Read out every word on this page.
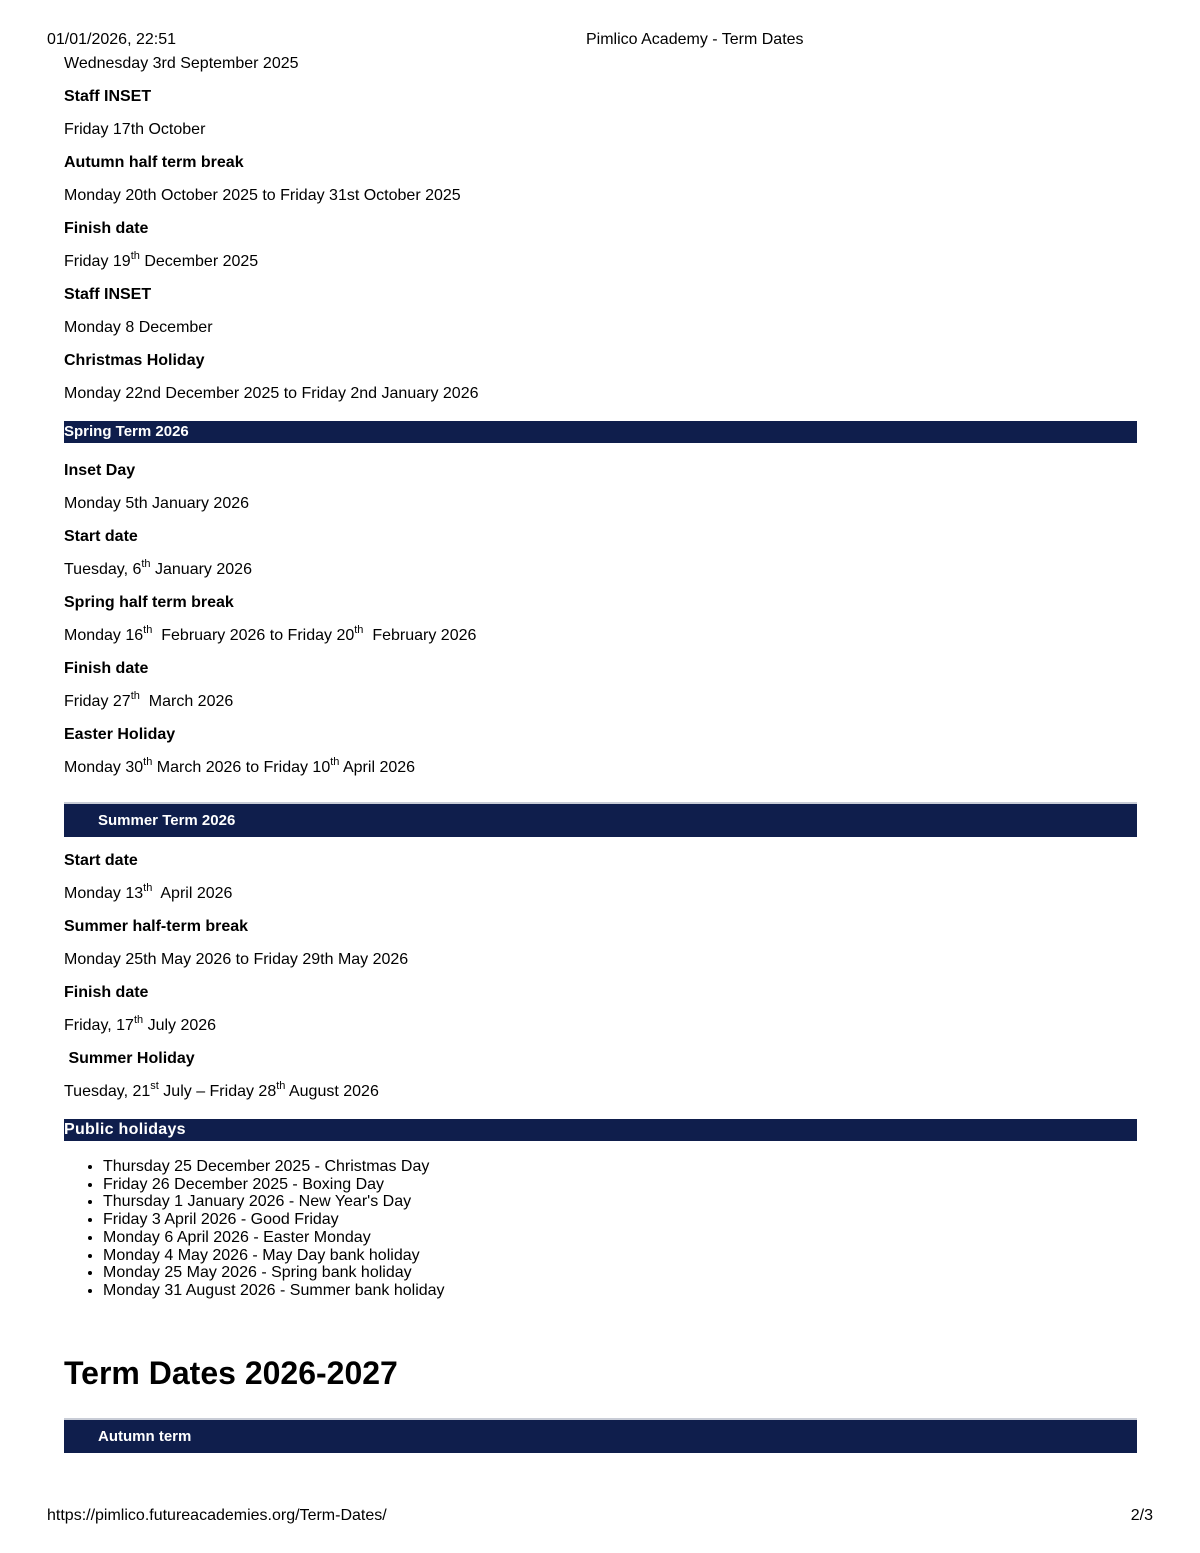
01/01/2026, 22:51	Pimlico Academy - Term Dates
Wednesday 3rd September 2025
Staff INSET
Friday 17th October
Autumn half term break
Monday 20th October 2025 to Friday 31st October 2025
Finish date
Friday 19th December 2025
Staff INSET
Monday 8 December
Christmas Holiday
Monday 22nd December 2025 to Friday 2nd January 2026
Spring Term 2026
Inset Day
Monday 5th January 2026
Start date
Tuesday, 6th January 2026
Spring half term break
Monday 16th  February 2026 to Friday 20th  February 2026
Finish date
Friday 27th  March 2026
Easter Holiday
Monday 30th March 2026 to Friday 10th April 2026
Summer Term 2026
Start date
Monday 13th  April 2026
Summer half-term break
Monday 25th May 2026 to Friday 29th May 2026
Finish date
Friday, 17th July 2026
Summer Holiday
Tuesday, 21st July – Friday 28th August 2026
Public holidays
• Thursday 25 December 2025 - Christmas Day
• Friday 26 December 2025 - Boxing Day
• Thursday 1 January 2026 - New Year's Day
• Friday 3 April 2026 - Good Friday
• Monday 6 April 2026 - Easter Monday
• Monday 4 May 2026 - May Day bank holiday
• Monday 25 May 2026 - Spring bank holiday
• Monday 31 August 2026 - Summer bank holiday
Term Dates 2026-2027
Autumn term
https://pimlico.futureacademies.org/Term-Dates/	2/3
